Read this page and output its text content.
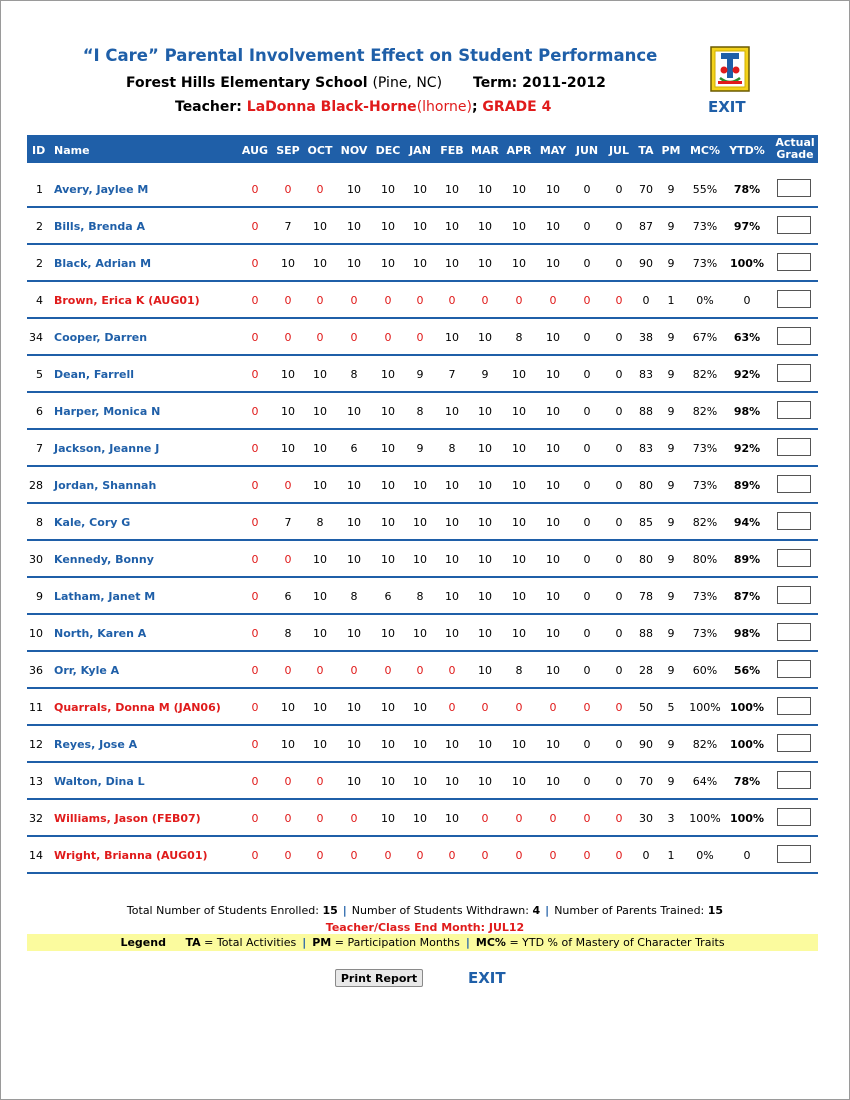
“I Care” Parental Involvement Effect on Student Performance
Forest Hills Elementary School (Pine, NC) Term: 2011-2012
Teacher: LaDonna Black-Horne(lhorne); GRADE 4	EXIT
ID Name	AUG SEP OCT NOV DEC JAN FEB MAR APR MAY JUN JUL TA PM MC% YTD%
Actual
Grade
1 Avery, Jaylee M	0	0	0	10	10	10	10	10	10	10	0	0	70	9	55%	78%
2 Bills, Brenda A	0	7	10	10	10	10	10	10	10	10	0	0	87	9	73%	97%
2 Black, Adrian M	0	10	10	10	10	10	10	10	10	10	0	0	90	9	73%	100%
4 Brown, Erica K (AUG01)	0	0	0	0	0	0	0	0	0	0	0	0	0	1	0%	0
34 Cooper, Darren	0	0	0	0	0	0	10	10	8	10	0	0	38	9	67%	63%
5 Dean, Farrell	0	10	10	8	10	9	7	9	10	10	0	0	83	9	82%	92%
6 Harper, Monica N	0	10	10	10	10	8	10	10	10	10	0	0	88	9	82%	98%
7 Jackson, Jeanne J	0	10	10	6	10	9	8	10	10	10	0	0	83	9	73%	92%
28 Jordan, Shannah	0	0	10	10	10	10	10	10	10	10	0	0	80	9	73%	89%
8 Kale, Cory G	0	7	8	10	10	10	10	10	10	10	0	0	85	9	82%	94%
30 Kennedy, Bonny	0	0	10	10	10	10	10	10	10	10	0	0	80	9	80%	89%
9 Latham, Janet M	0	6	10	8	6	8	10	10	10	10	0	0	78	9	73%	87%
10 North, Karen A	0	8	10	10	10	10	10	10	10	10	0	0	88	9	73%	98%
36 Orr, Kyle A	0	0	0	0	0	0	0	10	8	10	0	0	28	9	60%	56%
11 Quarrals, Donna M (JAN06)	0	10	10	10	10	10	0	0	0	0	0	0	50	5	100% 100%
12 Reyes, Jose A	0	10	10	10	10	10	10	10	10	10	0	0	90	9	82%	100%
13 Walton, Dina L	0	0	0	10	10	10	10	10	10	10	0	0	70	9	64%	78%
32 Williams, Jason (FEB07)	0	0	0	0	10	10	10	0	0	0	0	0	30	3	100% 100%
14 Wright, Brianna (AUG01)	0	0	0	0	0	0	0	0	0	0	0	0	0	1	0%	0
Total Number of Students Enrolled: 15 | Number of Students Withdrawn: 4 | Number of Parents Trained: 15
Teacher/Class End Month: JUL12
Legend TA = Total Activities | PM = Participation Months | MC% = YTD % of Mastery of Character Traits
Print Report	EXIT
